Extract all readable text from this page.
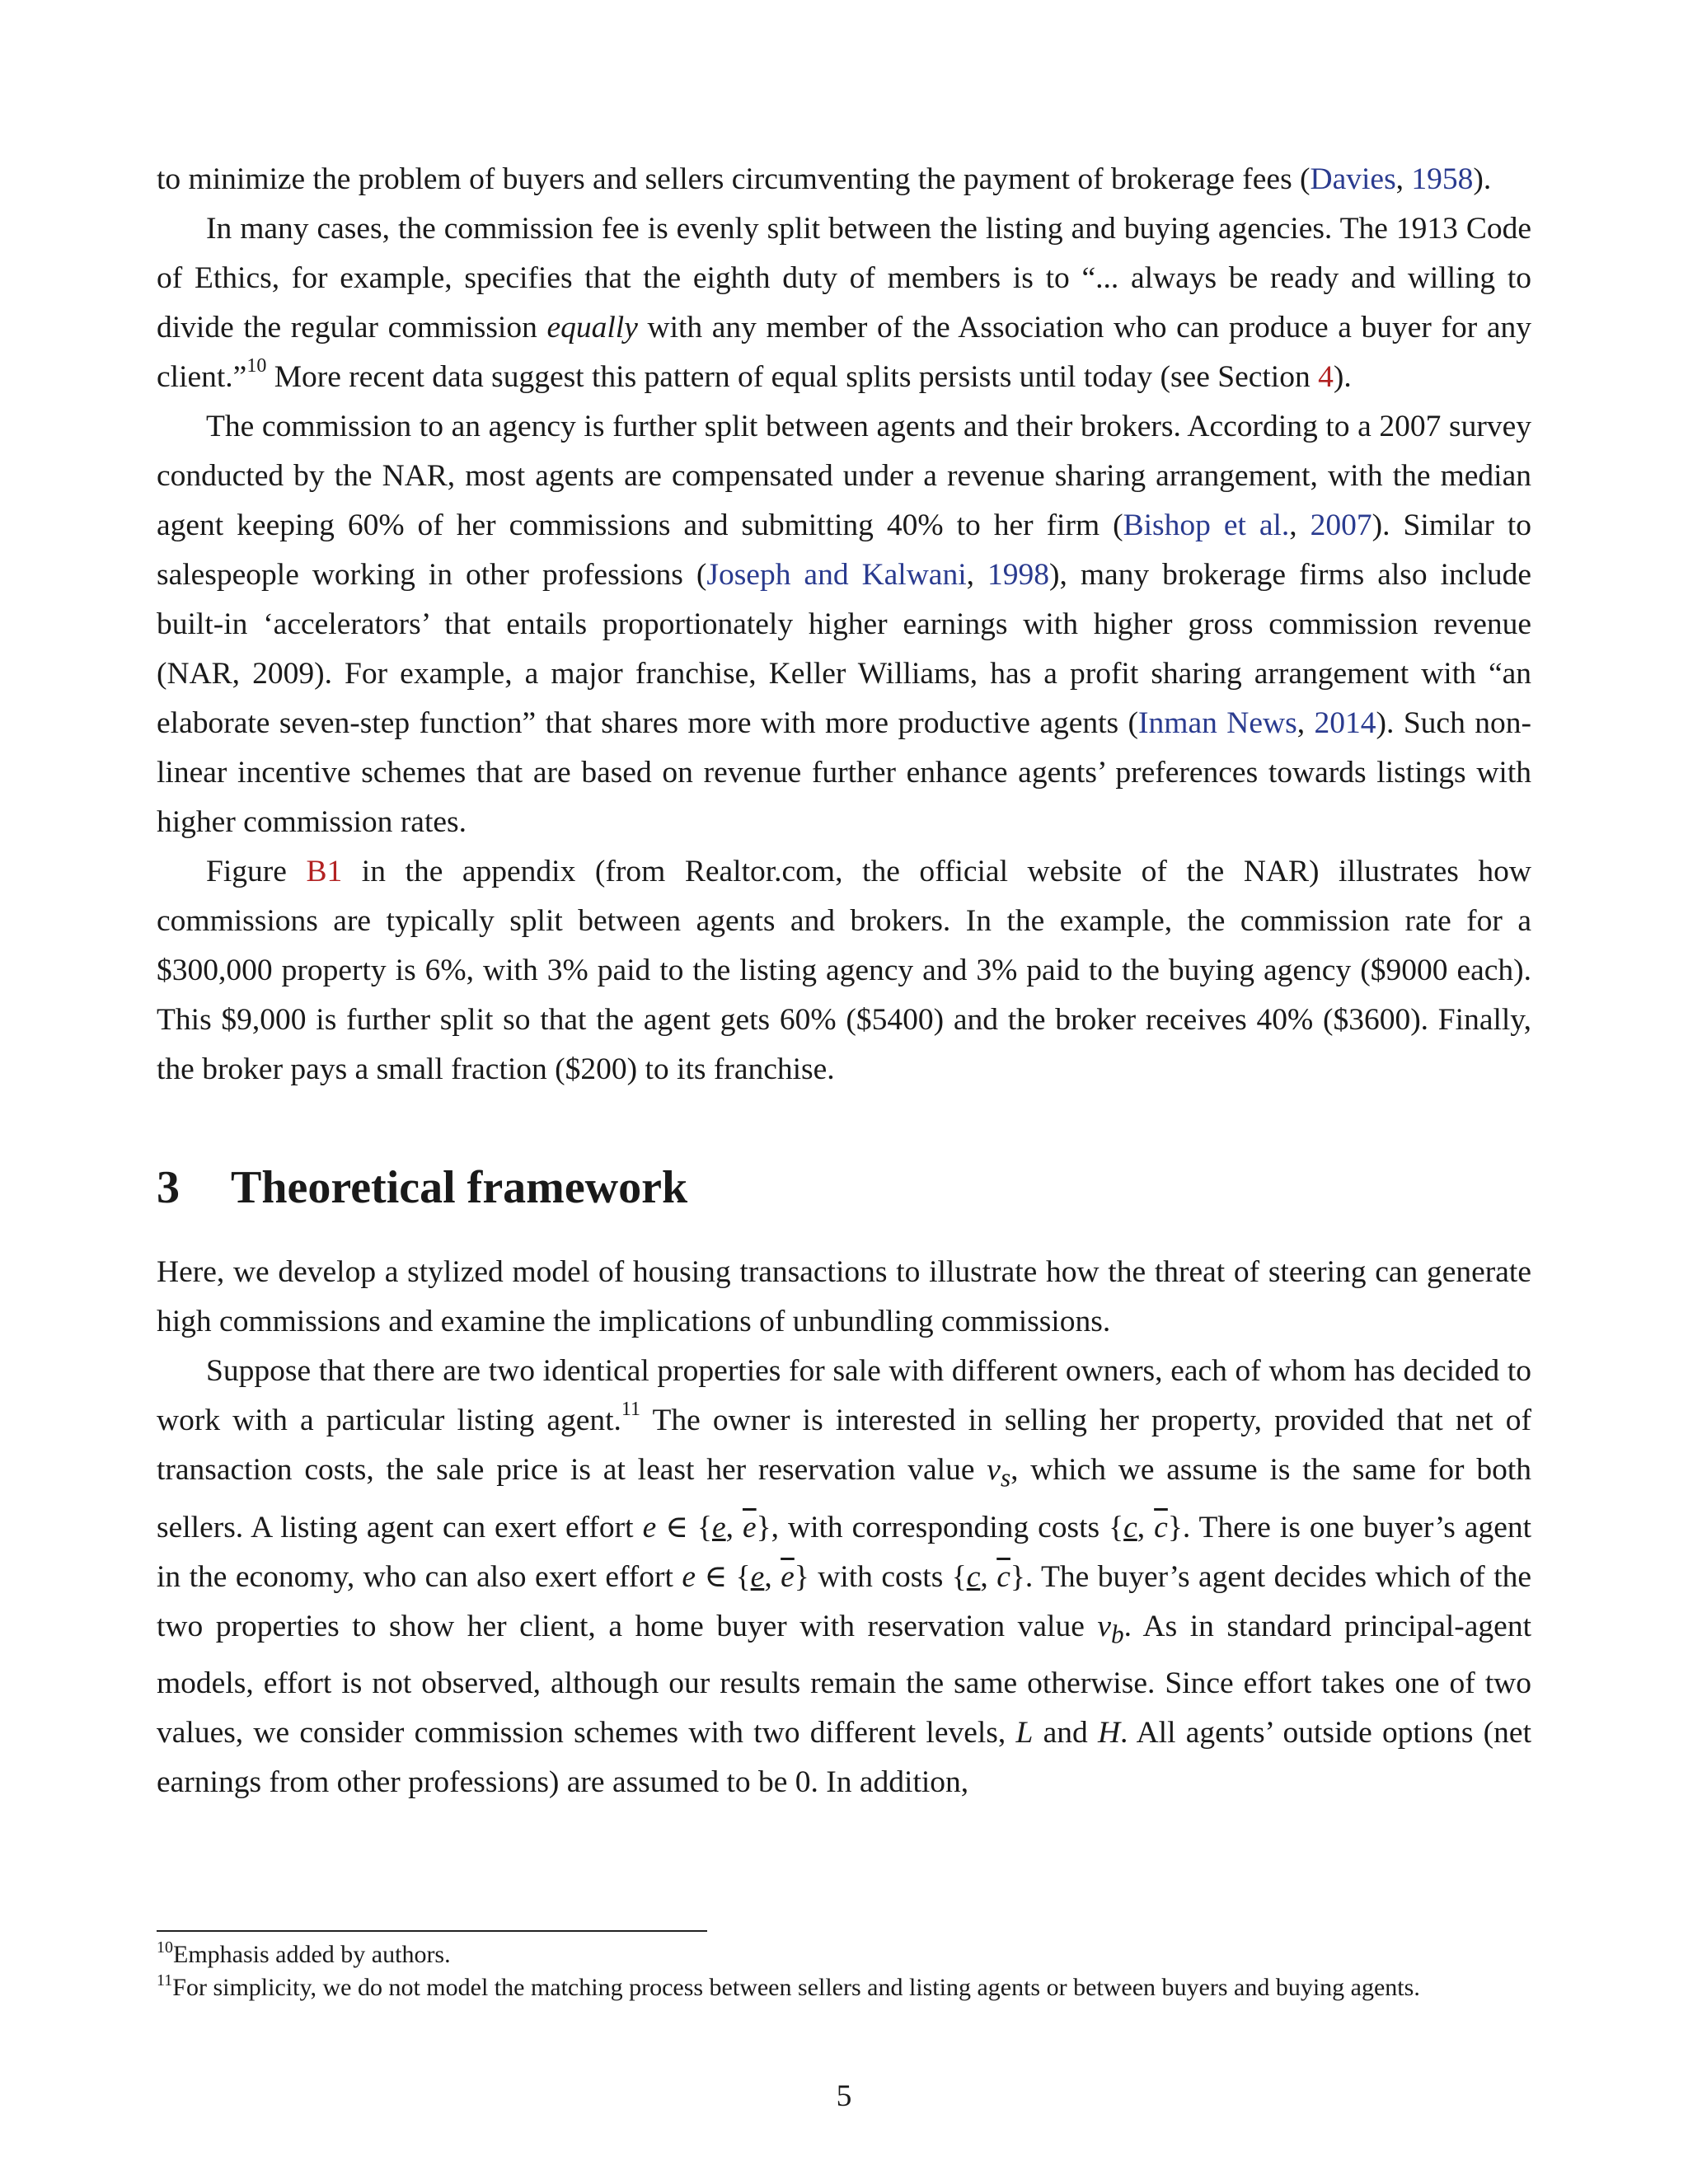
to minimize the problem of buyers and sellers circumventing the payment of brokerage fees (Davies, 1958).

In many cases, the commission fee is evenly split between the listing and buying agencies. The 1913 Code of Ethics, for example, specifies that the eighth duty of members is to “... always be ready and willing to divide the regular commission equally with any member of the Association who can produce a buyer for any client.”$^{10}$ More recent data suggest this pattern of equal splits persists until today (see Section 4).

The commission to an agency is further split between agents and their brokers. According to a 2007 survey conducted by the NAR, most agents are compensated under a revenue sharing arrangement, with the median agent keeping 60% of her commissions and submitting 40% to her firm (Bishop et al., 2007). Similar to salespeople working in other professions (Joseph and Kalwani, 1998), many brokerage firms also include built-in ‘accelerators’ that entails proportionately higher earnings with higher gross commission revenue (NAR, 2009). For example, a major franchise, Keller Williams, has a profit sharing arrangement with “an elaborate seven-step function” that shares more with more productive agents (Inman News, 2014). Such non-linear incentive schemes that are based on revenue further enhance agents’ preferences towards listings with higher commission rates.

Figure B1 in the appendix (from Realtor.com, the official website of the NAR) illustrates how commissions are typically split between agents and brokers. In the example, the commission rate for a $300,000 property is 6%, with 3% paid to the listing agency and 3% paid to the buying agency ($9000 each). This $9,000 is further split so that the agent gets 60% ($5400) and the broker receives 40% ($3600). Finally, the broker pays a small fraction ($200) to its franchise.

3	Theoretical framework

Here, we develop a stylized model of housing transactions to illustrate how the threat of steering can generate high commissions and examine the implications of unbundling commissions.

Suppose that there are two identical properties for sale with different owners, each of whom has decided to work with a particular listing agent.$^{11}$ The owner is interested in selling her property, provided that net of transaction costs, the sale price is at least her reservation value $v_s$, which we assume is the same for both sellers. A listing agent can exert effort e ∈ {e, $\overline{e}$}, with corresponding costs {c, $\overline{c}$}. There is one buyer’s agent in the economy, who can also exert effort e ∈ {e, $\overline{e}$} with costs {c, $\overline{c}$}. The buyer’s agent decides which of the two properties to show her client, a home buyer with reservation value $v_b$. As in standard principal-agent models, effort is not observed, although our results remain the same otherwise. Since effort takes one of two values, we consider commission schemes with two different levels, L and H. All agents’ outside options (net earnings from other professions) are assumed to be 0. In addition,

$^{10}$Emphasis added by authors.

$^{11}$For simplicity, we do not model the matching process between sellers and listing agents or between buyers and buying agents.

5
